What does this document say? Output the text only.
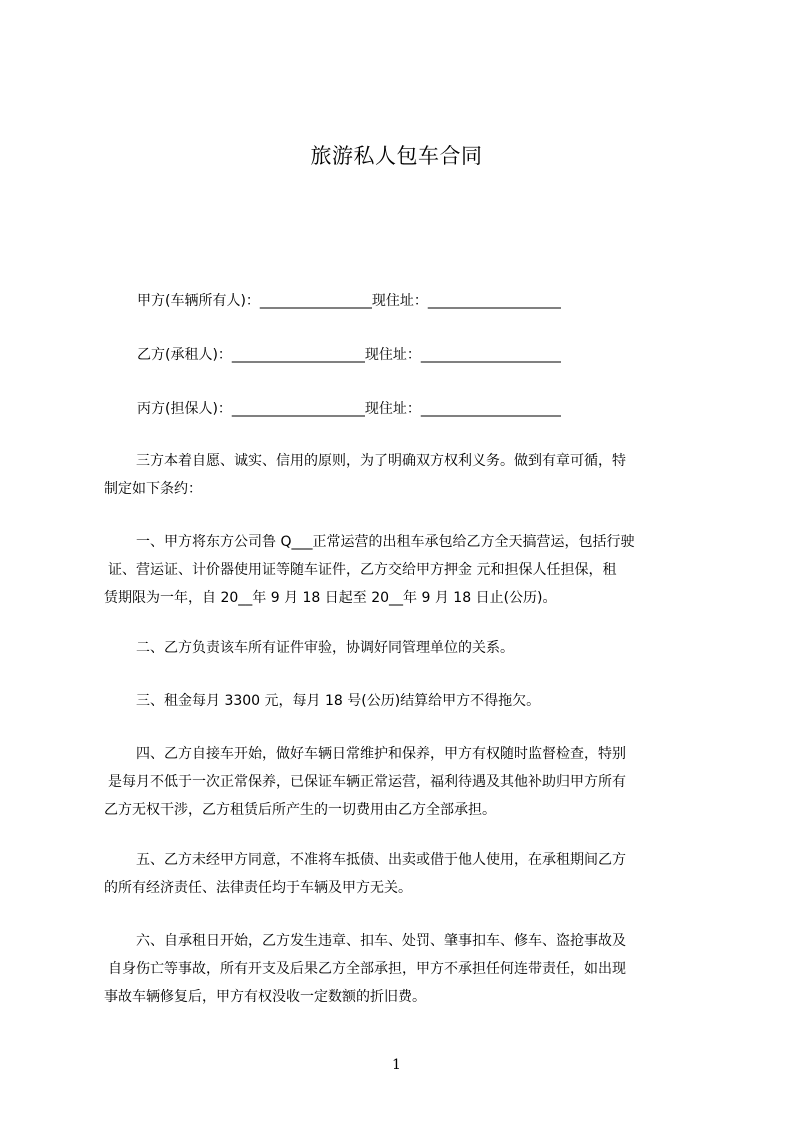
旅游私人包车合同
甲方(车辆所有人)：________________现住址：___________________
乙方(承租人)：___________________现住址：____________________
丙方(担保人)：___________________现住址：____________________
三方本着自愿、诚实、信用的原则，为了明确双方权利义务。做到有章可循，特
制定如下条约：
一、甲方将东方公司鲁 Q___正常运营的出租车承包给乙方全天搞营运，包括行驶
证、营运证、计价器使用证等随车证件，乙方交给甲方押金 元和担保人任担保，租
赁期限为一年，自 20__年 9 月 18 日起至 20__年 9 月 18 日止(公历)。
二、乙方负责该车所有证件审验，协调好同管理单位的关系。
三、租金每月 3300 元，每月 18 号(公历)结算给甲方不得拖欠。
四、乙方自接车开始，做好车辆日常维护和保养，甲方有权随时监督检查，特别
是每月不低于一次正常保养，已保证车辆正常运营，福利待遇及其他补助归甲方所有
乙方无权干涉，乙方租赁后所产生的一切费用由乙方全部承担。
五、乙方未经甲方同意，不准将车抵债、出卖或借于他人使用，在承租期间乙方
的所有经济责任、法律责任均于车辆及甲方无关。
六、自承租日开始，乙方发生违章、扣车、处罚、肇事扣车、修车、盗抢事故及
自身伤亡等事故，所有开支及后果乙方全部承担，甲方不承担任何连带责任，如出现
事故车辆修复后，甲方有权没收一定数额的折旧费。
1
